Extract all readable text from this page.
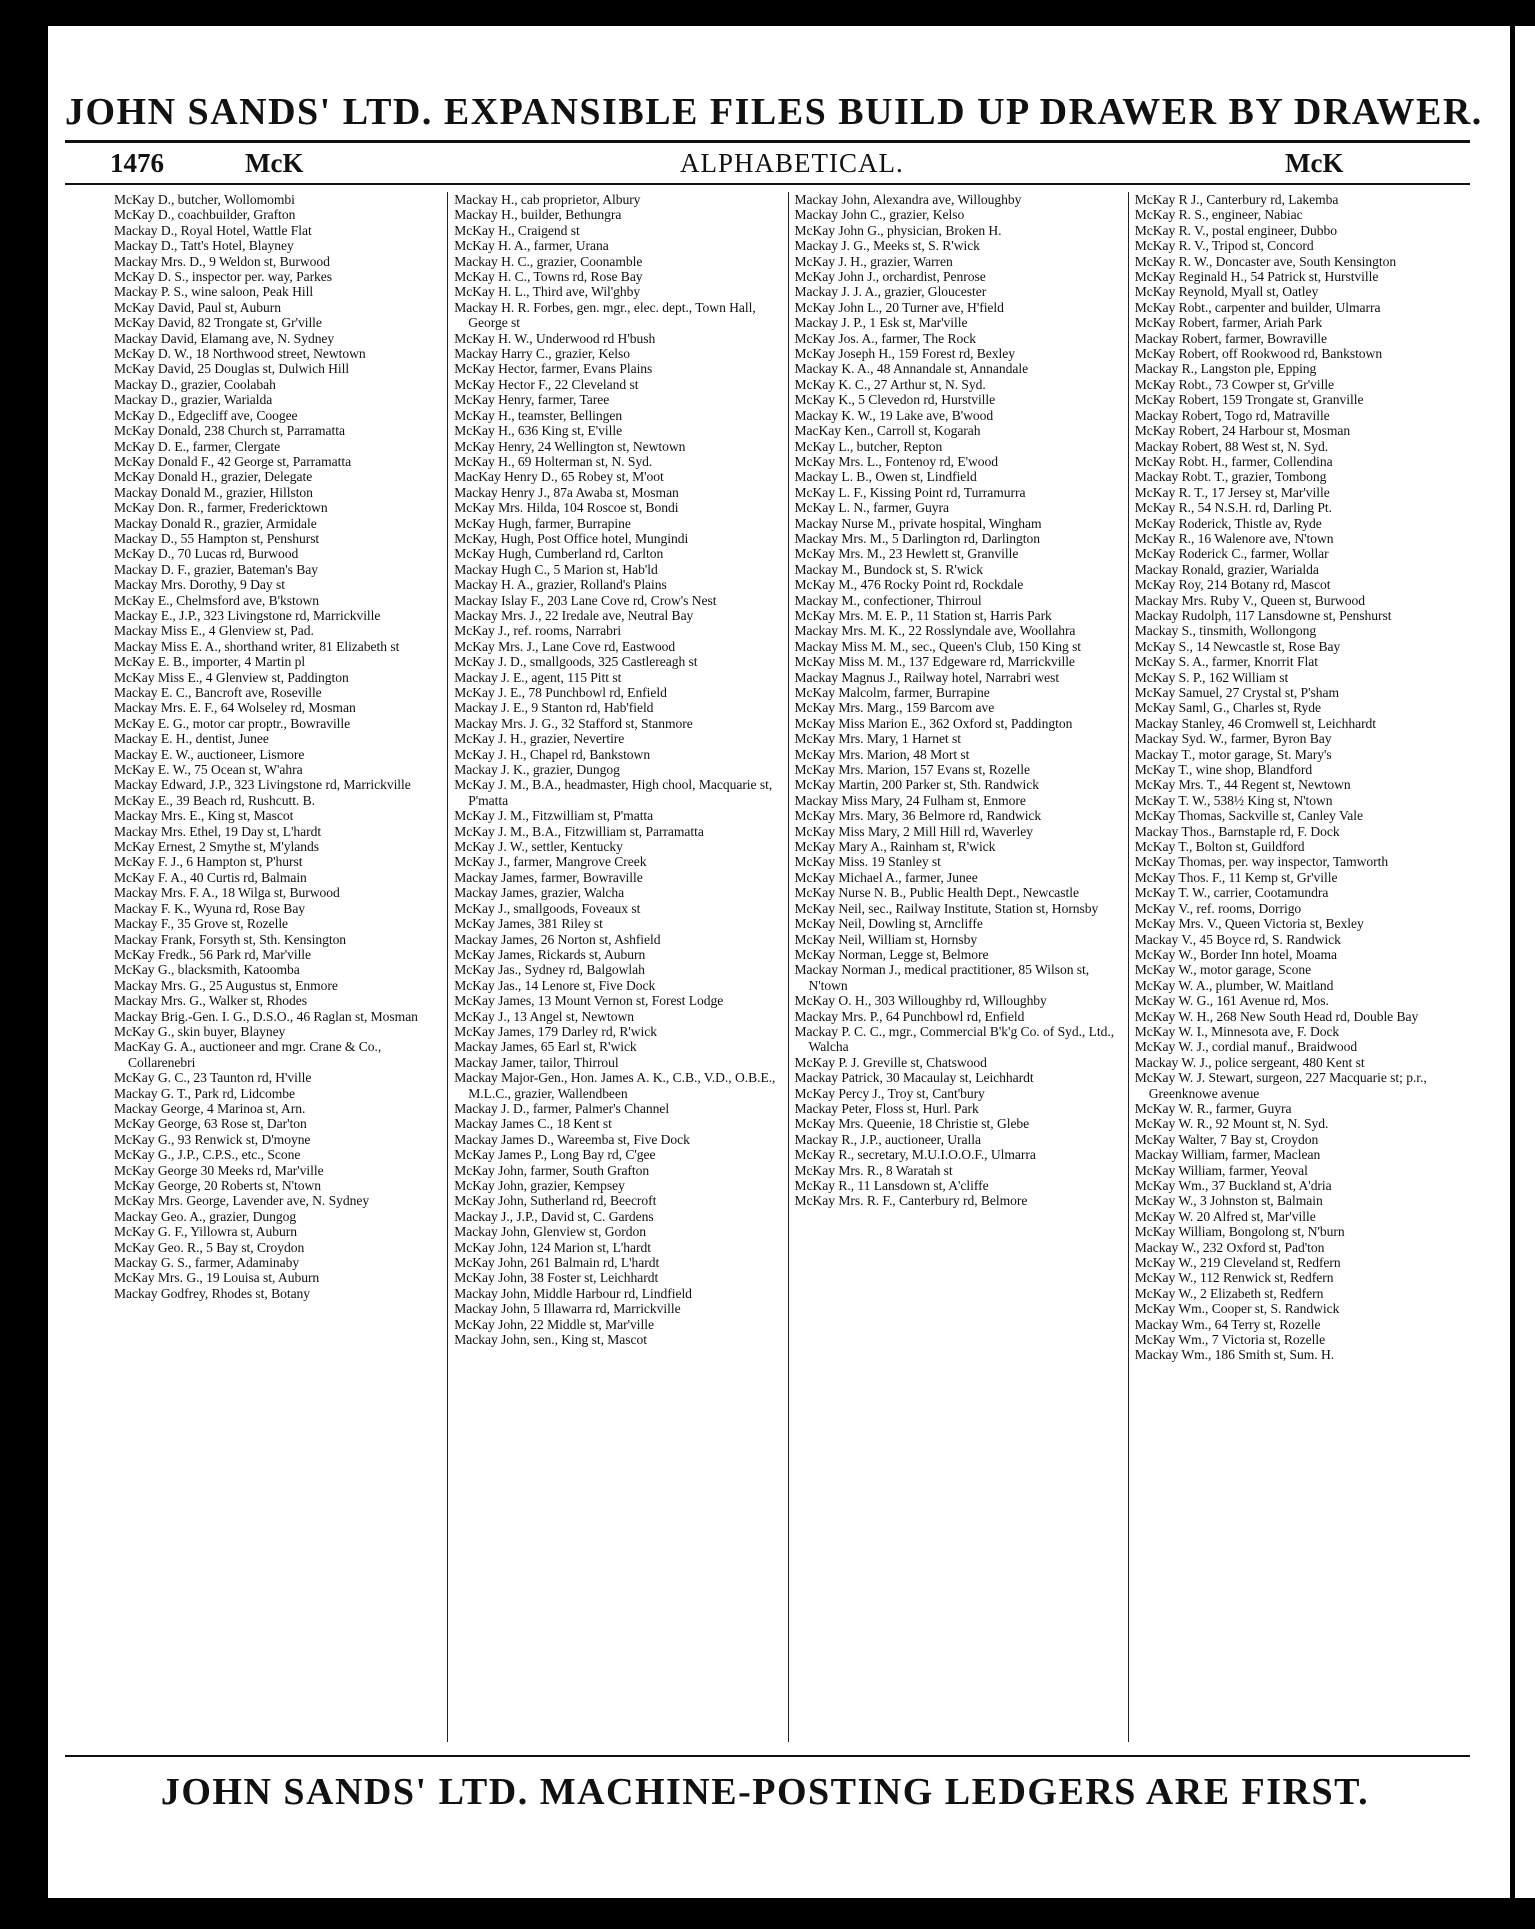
JOHN SANDS' LTD. EXPANSIBLE FILES BUILD UP DRAWER BY DRAWER.
1476	McK	ALPHABETICAL.	McK
McKay D., butcher, Wollomombi
McKay D., coachbuilder, Grafton
Mackay D., Royal Hotel, Wattle Flat
Mackay D., Tatt's Hotel, Blayney
Mackay Mrs. D., 9 Weldon st, Burwood
McKay D. S., inspector per. way, Parkes
Mackay P. S., wine saloon, Peak Hill
McKay David, Paul st, Auburn
McKay David, 82 Trongate st, Gr'ville
Mackay David, Elamang ave, N. Sydney
McKay D. W., 18 Northwood street, Newtown
McKay David, 25 Douglas st, Dulwich Hill
Mackay D., grazier, Coolabah
Mackay D., grazier, Warialda
McKay D., Edgecliff ave, Coogee
McKay Donald, 238 Church st, Parramatta
McKay D. E., farmer, Clergate
McKay Donald F., 42 George st, Parramatta
McKay Donald H., grazier, Delegate
Mackay Donald M., grazier, Hillston
McKay Don. R., farmer, Fredericktown
Mackay Donald R., grazier, Armidale
Mackay D., 55 Hampton st, Penshurst
McKay D., 70 Lucas rd, Burwood
Mackay D. F., grazier, Bateman's Bay
Mackay Mrs. Dorothy, 9 Day st
McKay E., Chelmsford ave, B'kstown
Mackay E., J.P., 323 Livingstone rd, Marrickville
Mackay Miss E., 4 Glenview st, Pad.
Mackay Miss E. A., shorthand writer, 81 Elizabeth st
McKay E. B., importer, 4 Martin pl
McKay Miss E., 4 Glenview st, Paddington
Mackay E. C., Bancroft ave, Roseville
Mackay Mrs. E. F., 64 Wolseley rd, Mosman
McKay E. G., motor car proptr., Bowraville
Mackay E. H., dentist, Junee
Mackay E. W., auctioneer, Lismore
McKay E. W., 75 Ocean st, W'ahra
Mackay Edward, J.P., 323 Livingstone rd, Marrickville
McKay E., 39 Beach rd, Rushcutt. B.
Mackay Mrs. E., King st, Mascot
Mackay Mrs. Ethel, 19 Day st, L'hardt
McKay Ernest, 2 Smythe st, M'ylands
McKay F. J., 6 Hampton st, P'hurst
McKay F. A., 40 Curtis rd, Balmain
Mackay Mrs. F. A., 18 Wilga st, Burwood
Mackay F. K., Wyuna rd, Rose Bay
Mackay F., 35 Grove st, Rozelle
Mackay Frank, Forsyth st, Sth. Kensington
McKay Fredk., 56 Park rd, Mar'ville
McKay G., blacksmith, Katoomba
Mackay Mrs. G., 25 Augustus st, Enmore
Mackay Mrs. G., Walker st, Rhodes
Mackay Brig.-Gen. I. G., D.S.O., 46 Raglan st, Mosman
McKay G., skin buyer, Blayney
MacKay G. A., auctioneer and mgr. Crane & Co., Collarenebri
McKay G. C., 23 Taunton rd, H'ville
Mackay G. T., Park rd, Lidcombe
Mackay George, 4 Marinoa st, Arn.
McKay George, 63 Rose st, Dar'ton
McKay G., 93 Renwick st, D'moyne
McKay G., J.P., C.P.S., etc., Scone
McKay George 30 Meeks rd, Mar'ville
McKay George, 20 Roberts st, N'town
McKay Mrs. George, Lavender ave, N. Sydney
Mackay Geo. A., grazier, Dungog
McKay G. F., Yillowra st, Auburn
McKay Geo. R., 5 Bay st, Croydon
Mackay G. S., farmer, Adaminaby
McKay Mrs. G., 19 Louisa st, Auburn
Mackay Godfrey, Rhodes st, Botany
Mackay H., cab proprietor, Albury
Mackay H., builder, Bethungra
McKay H., Craigend st
McKay H. A., farmer, Urana
Mackay H. C., grazier, Coonamble
McKay H. C., Towns rd, Rose Bay
McKay H. L., Third ave, Wil'ghby
Mackay H. R. Forbes, gen. mgr., elec. dept., Town Hall, George st
McKay H. W., Underwood rd H'bush
Mackay Harry C., grazier, Kelso
McKay Hector, farmer, Evans Plains
McKay Hector F., 22 Cleveland st
McKay Henry, farmer, Taree
McKay H., teamster, Bellingen
McKay H., 636 King st, E'ville
McKay Henry, 24 Wellington st, Newtown
McKay H., 69 Holterman st, N. Syd.
MacKay Henry D., 65 Robey st, M'oot
Mackay Henry J., 87a Awaba st, Mosman
McKay Mrs. Hilda, 104 Roscoe st, Bondi
McKay Hugh, farmer, Burrapine
McKay, Hugh, Post Office hotel, Mungindi
McKay Hugh, Cumberland rd, Carlton
Mackay Hugh C., 5 Marion st, Hab'ld
Mackay H. A., grazier, Rolland's Plains
Mackay Islay F., 203 Lane Cove rd, Crow's Nest
Mackay Mrs. J., 22 Iredale ave, Neutral Bay
McKay J., ref. rooms, Narrabri
McKay Mrs. J., Lane Cove rd, Eastwood
McKay J. D., smallgoods, 325 Castlereagh st
Mackay J. E., agent, 115 Pitt st
McKay J. E., 78 Punchbowl rd, Enfield
Mackay J. E., 9 Stanton rd, Hab'field
Mackay Mrs. J. G., 32 Stafford st, Stanmore
McKay J. H., grazier, Nevertire
McKay J. H., Chapel rd, Bankstown
Mackay J. K., grazier, Dungog
McKay J. M., B.A., headmaster, High chool, Macquarie st, P'matta
McKay J. M., Fitzwilliam st, P'matta
McKay J. M., B.A., Fitzwilliam st, Parramatta
McKay J. W., settler, Kentucky
McKay J., farmer, Mangrove Creek
Mackay James, farmer, Bowraville
Mackay James, grazier, Walcha
McKay J., smallgoods, Foveaux st
McKay James, 381 Riley st
Mackay James, 26 Norton st, Ashfield
McKay James, Rickards st, Auburn
McKay Jas., Sydney rd, Balgowlah
McKay Jas., 14 Lenore st, Five Dock
McKay James, 13 Mount Vernon st, Forest Lodge
McKay J., 13 Angel st, Newtown
McKay James, 179 Darley rd, R'wick
Mackay James, 65 Earl st, R'wick
Mackay Jamer, tailor, Thirroul
Mackay Major-Gen., Hon. James A. K., C.B., V.D., O.B.E., M.L.C., grazier, Wallendbeen
Mackay J. D., farmer, Palmer's Channel
Mackay James C., 18 Kent st
Mackay James D., Wareemba st, Five Dock
McKay James P., Long Bay rd, C'gee
McKay John, farmer, South Grafton
McKay John, grazier, Kempsey
McKay John, Sutherland rd, Beecroft
Mackay J., J.P., David st, C. Gardens
Mackay John, Glenview st, Gordon
McKay John, 124 Marion st, L'hardt
McKay John, 261 Balmain rd, L'hardt
McKay John, 38 Foster st, Leichhardt
Mackay John, Middle Harbour rd, Lindfield
Mackay John, 5 Illawarra rd, Marrickville
McKay John, 22 Middle st, Mar'ville
Mackay John, sen., King st, Mascot
Mackay John, Alexandra ave, Willoughby
Mackay John C., grazier, Kelso
McKay John G., physician, Broken H.
Mackay J. G., Meeks st, S. R'wick
McKay J. H., grazier, Warren
McKay John J., orchardist, Penrose
Mackay J. J. A., grazier, Gloucester
McKay John L., 20 Turner ave, H'field
Mackay J. P., 1 Esk st, Mar'ville
McKay Jos. A., farmer, The Rock
McKay Joseph H., 159 Forest rd, Bexley
Mackay K. A., 48 Annandale st, Annandale
McKay K. C., 27 Arthur st, N. Syd.
McKay K., 5 Clevedon rd, Hurstville
Mackay K. W., 19 Lake ave, B'wood
MacKay Ken., Carroll st, Kogarah
McKay L., butcher, Repton
McKay Mrs. L., Fontenoy rd, E'wood
Mackay L. B., Owen st, Lindfield
McKay L. F., Kissing Point rd, Turramurra
McKay L. N., farmer, Guyra
Mackay Nurse M., private hospital, Wingham
Mackay Mrs. M., 5 Darlington rd, Darlington
McKay Mrs. M., 23 Hewlett st, Granville
Mackay M., Bundock st, S. R'wick
McKay M., 476 Rocky Point rd, Rockdale
Mackay M., confectioner, Thirroul
McKay Mrs. M. E. P., 11 Station st, Harris Park
Mackay Mrs. M. K., 22 Rosslyndale ave, Woollahra
Mackay Miss M. M., sec., Queen's Club, 150 King st
McKay Miss M. M., 137 Edgeware rd, Marrickville
Mackay Magnus J., Railway hotel, Narrabri west
McKay Malcolm, farmer, Burrapine
McKay Mrs. Marg., 159 Barcom ave
McKay Miss Marion E., 362 Oxford st, Paddington
McKay Mrs. Mary, 1 Harnet st
McKay Mrs. Marion, 48 Mort st
McKay Mrs. Marion, 157 Evans st, Rozelle
McKay Martin, 200 Parker st, Sth. Randwick
Mackay Miss Mary, 24 Fulham st, Enmore
McKay Mrs. Mary, 36 Belmore rd, Randwick
McKay Miss Mary, 2 Mill Hill rd, Waverley
McKay Mary A., Rainham st, R'wick
McKay Miss. 19 Stanley st
McKay Michael A., farmer, Junee
McKay Nurse N. B., Public Health Dept., Newcastle
McKay Neil, sec., Railway Institute, Station st, Hornsby
McKay Neil, Dowling st, Arncliffe
McKay Neil, William st, Hornsby
McKay Norman, Legge st, Belmore
Mackay Norman J., medical practitioner, 85 Wilson st, N'town
McKay O. H., 303 Willoughby rd, Willoughby
Mackay Mrs. P., 64 Punchbowl rd, Enfield
Mackay P. C. C., mgr., Commercial B'k'g Co. of Syd., Ltd., Walcha
McKay P. J. Greville st, Chatswood
Mackay Patrick, 30 Macaulay st, Leichhardt
McKay Percy J., Troy st, Cant'bury
Mackay Peter, Floss st, Hurl. Park
McKay Mrs. Queenie, 18 Christie st, Glebe
Mackay R., J.P., auctioneer, Uralla
McKay R., secretary, M.U.I.O.O.F., Ulmarra
McKay Mrs. R., 8 Waratah st
McKay R., 11 Lansdown st, A'cliffe
McKay Mrs. R. F., Canterbury rd, Belmore
McKay R J., Canterbury rd, Lakemba
McKay R. S., engineer, Nabiac
McKay R. V., postal engineer, Dubbo
McKay R. V., Tripod st, Concord
McKay R. W., Doncaster ave, South Kensington
McKay Reginald H., 54 Patrick st, Hurstville
McKay Reynold, Myall st, Oatley
McKay Robt., carpenter and builder, Ulmarra
McKay Robert, farmer, Ariah Park
Mackay Robert, farmer, Bowraville
McKay Robert, off Rookwood rd, Bankstown
Mackay R., Langston ple, Epping
McKay Robt., 73 Cowper st, Gr'ville
McKay Robert, 159 Trongate st, Granville
Mackay Robert, Togo rd, Matraville
McKay Robert, 24 Harbour st, Mosman
Mackay Robert, 88 West st, N. Syd.
McKay Robt. H., farmer, Collendina
Mackay Robt. T., grazier, Tombong
McKay R. T., 17 Jersey st, Mar'ville
McKay R., 54 N.S.H. rd, Darling Pt.
McKay Roderick, Thistle av, Ryde
McKay R., 16 Walenore ave, N'town
McKay Roderick C., farmer, Wollar
Mackay Ronald, grazier, Warialda
McKay Roy, 214 Botany rd, Mascot
Mackay Mrs. Ruby V., Queen st, Burwood
Mackay Rudolph, 117 Lansdowne st, Penshurst
Mackay S., tinsmith, Wollongong
McKay S., 14 Newcastle st, Rose Bay
McKay S. A., farmer, Knorrit Flat
McKay S. P., 162 William st
McKay Samuel, 27 Crystal st, P'sham
McKay Saml, G., Charles st, Ryde
Mackay Stanley, 46 Cromwell st, Leichhardt
Mackay Syd. W., farmer, Byron Bay
Mackay T., motor garage, St. Mary's
McKay T., wine shop, Blandford
McKay Mrs. T., 44 Regent st, Newtown
McKay T. W., 538½ King st, N'town
McKay Thomas, Sackville st, Canley Vale
Mackay Thos., Barnstaple rd, F. Dock
McKay T., Bolton st, Guildford
McKay Thomas, per. way inspector, Tamworth
McKay Thos. F., 11 Kemp st, Gr'ville
McKay T. W., carrier, Cootamundra
McKay V., ref. rooms, Dorrigo
McKay Mrs. V., Queen Victoria st, Bexley
Mackay V., 45 Boyce rd, S. Randwick
McKay W., Border Inn hotel, Moama
McKay W., motor garage, Scone
McKay W. A., plumber, W. Maitland
McKay W. G., 161 Avenue rd, Mos.
McKay W. H., 268 New South Head rd, Double Bay
McKay W. I., Minnesota ave, F. Dock
McKay W. J., cordial manuf., Braidwood
Mackay W. J., police sergeant, 480 Kent st
McKay W. J. Stewart, surgeon, 227 Macquarie st; p.r., Greenknowe avenue
McKay W. R., farmer, Guyra
McKay W. R., 92 Mount st, N. Syd.
McKay Walter, 7 Bay st, Croydon
Mackay William, farmer, Maclean
McKay William, farmer, Yeoval
McKay Wm., 37 Buckland st, A'dria
McKay W., 3 Johnston st, Balmain
McKay W. 20 Alfred st, Mar'ville
McKay William, Bongolong st, N'burn
Mackay W., 232 Oxford st, Pad'ton
McKay W., 219 Cleveland st, Redfern
McKay W., 112 Renwick st, Redfern
McKay W., 2 Elizabeth st, Redfern
McKay Wm., Cooper st, S. Randwick
Mackay Wm., 64 Terry st, Rozelle
McKay Wm., 7 Victoria st, Rozelle
Mackay Wm., 186 Smith st, Sum. H.
JOHN SANDS' LTD. MACHINE-POSTING LEDGERS ARE FIRST.
